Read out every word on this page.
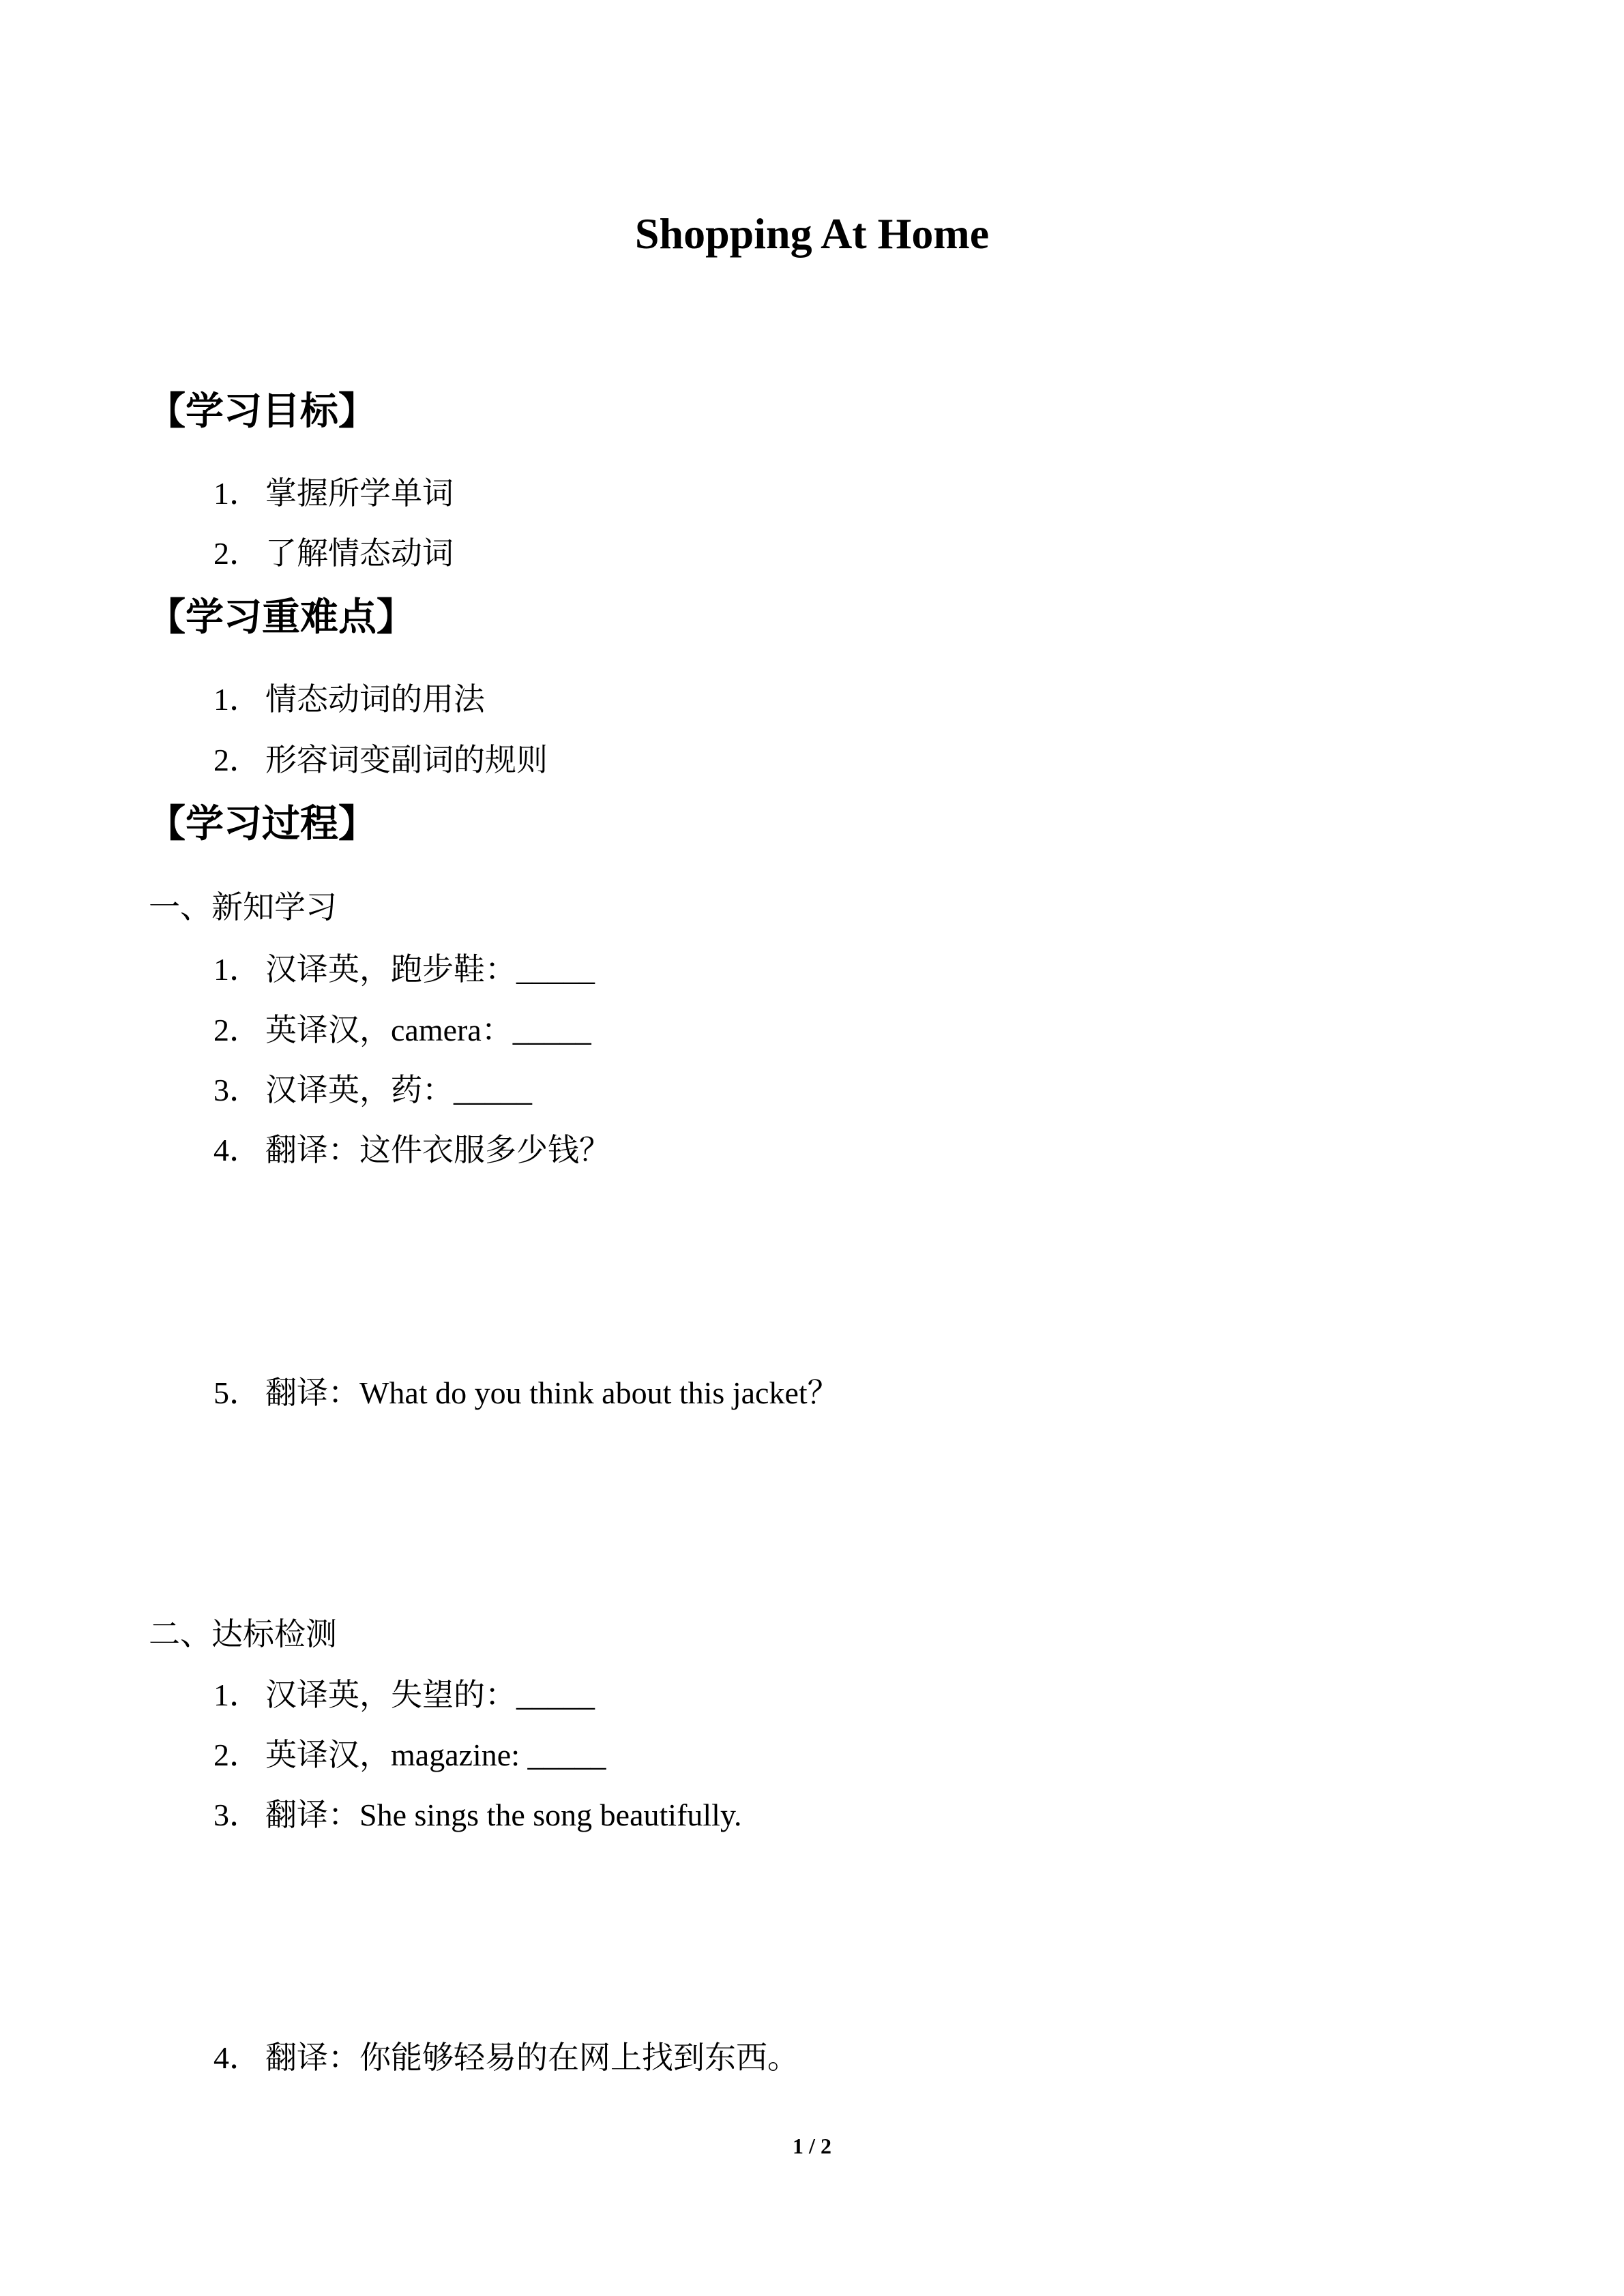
Shopping At Home
【学习目标】
1． 掌握所学单词
2． 了解情态动词
【学习重难点】
1． 情态动词的用法
2． 形容词变副词的规则
【学习过程】
一、新知学习
1． 汉译英，跑步鞋：_____
2． 英译汉，camera：_____
3． 汉译英，药：_____
4． 翻译：这件衣服多少钱？
5． 翻译：What do you think about this jacket？
二、达标检测
1． 汉译英，失望的：_____
2． 英译汉，magazine: _____
3． 翻译：She sings the song beautifully.
4． 翻译：你能够轻易的在网上找到东西。
1 / 2
